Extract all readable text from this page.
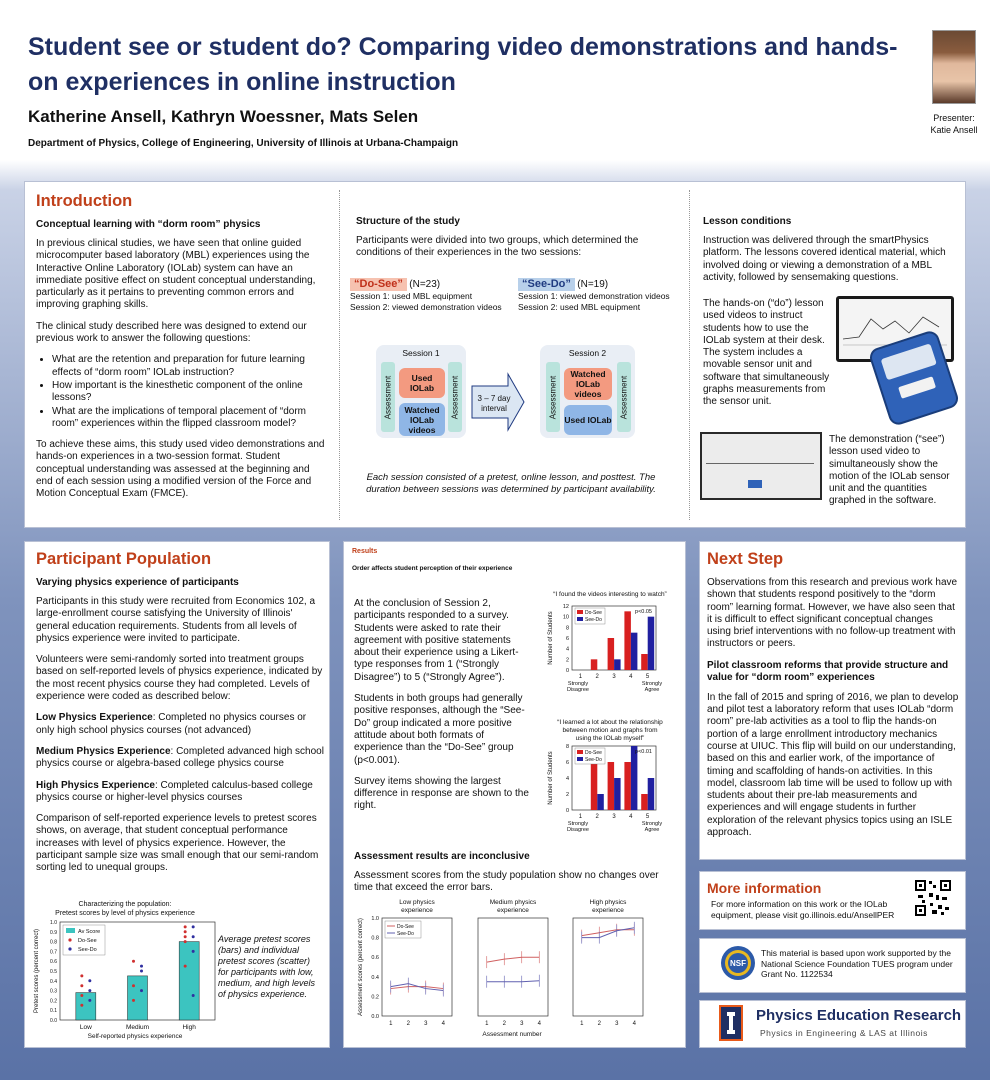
Student see or student do? Comparing video demonstrations and hands-on experiences in online instruction
Katherine Ansell, Kathryn Woessner, Mats Selen
Department of Physics, College of Engineering, University of Illinois at Urbana-Champaign
Presenter:
Katie Ansell
Introduction
Conceptual learning with “dorm room” physics

In previous clinical studies, we have seen that online guided microcomputer based laboratory (MBL) experiences using the Interactive Online Laboratory (IOLab) system can have an immediate positive effect on student conceptual understanding, particularly as it pertains to preventing common errors and improving graphing skills.

The clinical study described here was designed to extend our previous work to answer the following questions:

• What are the retention and preparation for future learning effects of “dorm room” IOLab instruction?
• How important is the kinesthetic component of the online lessons?
• What are the implications of temporal placement of “dorm room” experiences within the flipped classroom model?

To achieve these aims, this study used video demonstrations and hands-on experiences in a two-session format. Student conceptual understanding was assessed at the beginning and end of each session using a modified version of the Force and Motion Conceptual Exam (FMCE).

Structure of the study

Participants were divided into two groups, which determined the conditions of their experiences in the two sessions:

“Do-See” (N=23)
Session 1: used MBL equipment
Session 2: viewed demonstration videos
“See-Do” (N=19)
Session 1: viewed demonstration videos
Session 2: used MBL equipment
Session 1
Assessment	Assessment
Used IOLab
Watched IOLab videos
3 – 7 day interval
Session 2
Assessment	Assessment
Watched IOLab videos
Used IOLab
Each session consisted of a pretest, online lesson, and posttest. The duration between sessions was determined by participant availability.
Lesson conditions

Instruction was delivered through the smartPhysics platform. The lessons covered identical material, which involved doing or viewing a demonstration of a MBL activity, followed by sensemaking questions.

The hands-on (“do”) lesson used videos to instruct students how to use the IOLab system at their desk. The system includes a movable sensor unit and software that simultaneously graphs measurements from the sensor unit.
The demonstration (“see”) lesson used video to simultaneously show the motion of the IOLab sensor unit and the quantities graphed in the software.
Participant Population
Varying physics experience of participants

Participants in this study were recruited from Economics 102, a large-enrollment course satisfying the University of Illinois' general education requirements. Students from all levels of physics experience were invited to participate.

Volunteers were semi-randomly sorted into treatment groups based on self-reported levels of physics experience, indicated by the most recent physics course they had completed. Levels of experience were coded as described below:

Low Physics Experience: Completed no physics courses or only high school physics courses (not advanced)

Medium Physics Experience: Completed advanced high school physics course or algebra-based college physics course

High Physics Experience: Completed calculus-based college physics course or higher-level physics courses

Comparison of self-reported experience levels to pretest scores shows, on average, that student conceptual performance increases with level of physics experience. However, the participant sample size was small enough that our semi-random sorting led to unequal groups.

Characterizing the population:
Pretest scores by level of physics experience
0.0
0.1
0.2
0.3
0.4
0.5
0.6
0.7
0.8
0.9
1.0
Low	Medium	High
Av Score
Do-See
See-Do
Self-reported physics experience
Pretest scores (percent correct)	Average pretest scores (bars) and individual pretest scores (scatter) for participants with low, medium, and high levels of physics experience.
Results
Order affects student perception of their experience

At the conclusion of Session 2, participants responded to a survey. Students were asked to rate their agreement with positive statements about their experience using a Likert-type responses from 1 (“Strongly Disagree”) to 5 (“Strongly Agree”).

Students in both groups had generally positive responses, although the “See-Do” group indicated a more positive attitude about both formats of experience than the “Do-See” group (p<0.001).

Survey items showing the largest difference in response are shown to the right.

“I found the videos interesting to watch”
0
2
4
6
8
10
12
1 2 3 4 5
Strongly
Disagree
Strongly
Agree
Do-See
See-Do
p<0.05
Number of Students
“I learned a lot about the relationship
between motion and graphs from
using the IOLab myself”
0
2
4
6
8
1 2 3 4 5
Strongly
Disagree
Strongly
Agree
Do-See
See-Do
p<0.01
Number of Students
Assessment results are inconclusive

Assessment scores from the study population show no changes over time that exceed the error bars.

Low physics
experience
0.0
0.2
0.4
0.6
0.8
1.0
1 2 3 4
Do-See
See-Do
Medium physics
experience
1 2 3 4
High physics
experience
1 2 3 4
Assessment number
Assessment scores (percent correct)
Next Step

Observations from this research and previous work have shown that students respond positively to the “dorm room” learning format. However, we have also seen that it is difficult to effect significant conceptual changes using brief interventions with no follow-up treatment with instructors or peers.

Pilot classroom reforms that provide structure and value for “dorm room” experiences

In the fall of 2015 and spring of 2016, we plan to develop and pilot test a laboratory reform that uses IOLab “dorm room” pre-lab activities as a tool to flip the hands-on portion of a large enrollment introductory mechanics course at UIUC. This flip will build on our understanding, based on this and earlier work, of the importance of timing and scaffolding of hands-on activities. In this model, classroom lab time will be used to follow up with students about their pre-lab measurements and experiences and will engage students in further exploration of the relevant physics topics using an ISLE approach.

More information
For more information on this work or the IOLab equipment, please visit go.illinois.edu/AnsellPER
NSF
This material is based upon work supported by the National Science Foundation TUES program under Grant No. 1122534
Physics Education Research
Physics in Engineering & LAS at Illinois
